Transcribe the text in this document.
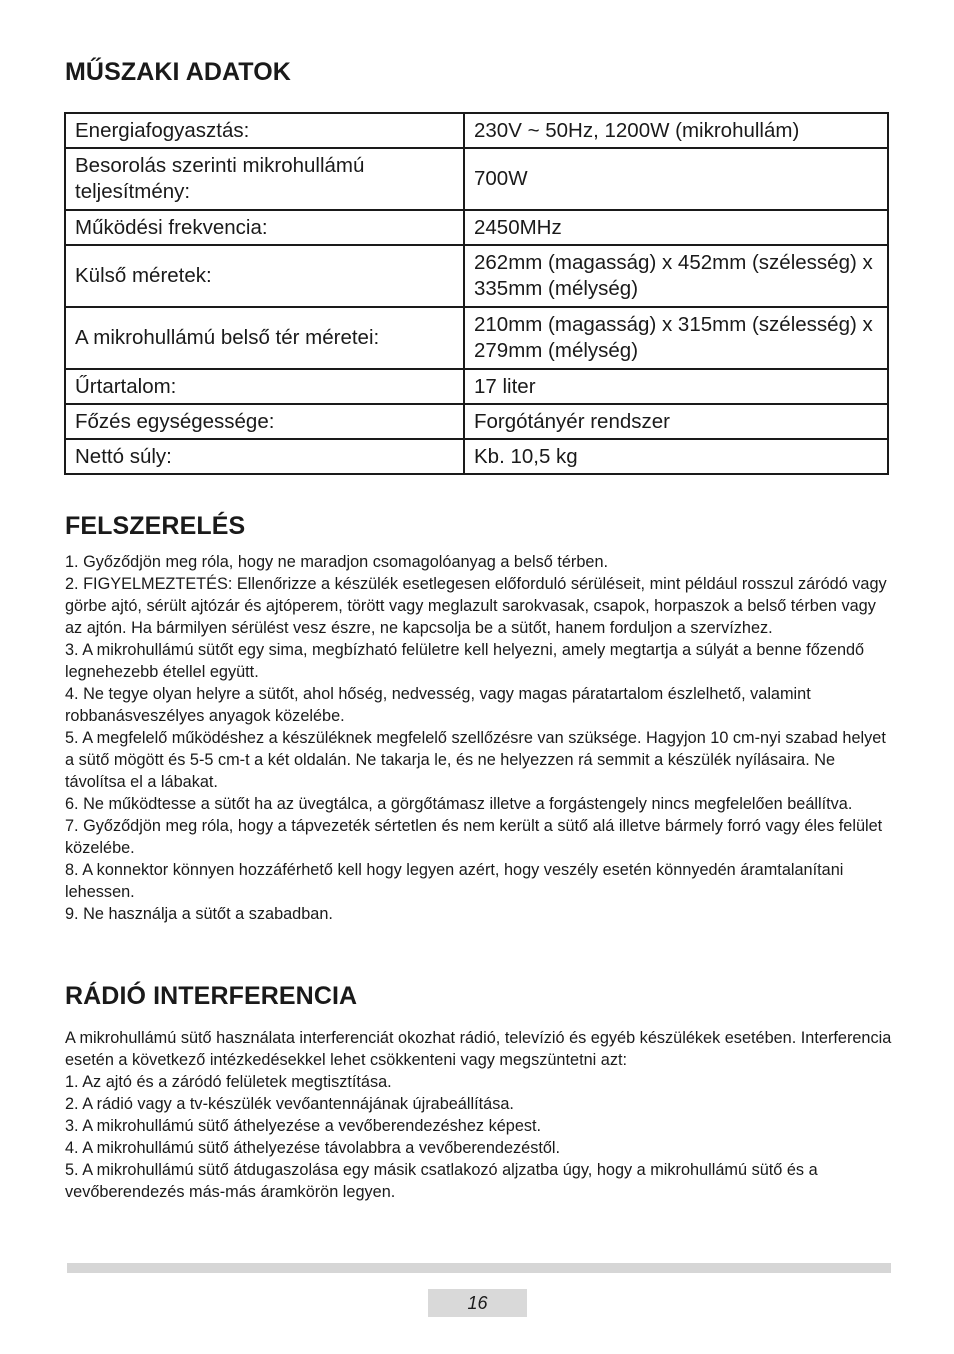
MŰSZAKI ADATOK
Energiafogyasztás:	230V ~ 50Hz, 1200W (mikrohullám)
Besorolás szerinti mikrohullámú teljesítmény:	700W
Működési frekvencia:	2450MHz
Külső méretek:	262mm (magasság) x 452mm (szélesség) x 335mm (mélység)
A mikrohullámú belső tér méretei:	210mm (magasság) x 315mm (szélesség) x 279mm (mélység)
Űrtartalom:	17 liter
Főzés egységessége:	Forgótányér rendszer
Nettó súly:	Kb. 10,5 kg
FELSZERELÉS

1. Győződjön meg róla, hogy ne maradjon csomagolóanyag a belső térben.

2. FIGYELMEZTETÉS: Ellenőrizze a készülék esetlegesen előforduló sérüléseit, mint például rosszul záródó vagy görbe ajtó, sérült ajtózár és ajtóperem, törött vagy meglazult sarokvasak, csapok, horpaszok a belső térben vagy az ajtón. Ha bármilyen sérülést vesz észre, ne kapcsolja be a sütőt, hanem forduljon a szervízhez.

3. A mikrohullámú sütőt egy sima, megbízható felületre kell helyezni, amely megtartja a súlyát a benne főzendő legnehezebb étellel együtt.

4. Ne tegye olyan helyre a sütőt, ahol hőség, nedvesség, vagy magas páratartalom észlelhető, valamint robbanásveszélyes anyagok közelébe.

5. A megfelelő működéshez a készüléknek megfelelő szellőzésre van szüksége. Hagyjon 10 cm-nyi szabad helyet a sütő mögött és 5-5 cm-t a két oldalán. Ne takarja le, és ne helyezzen rá semmit a készülék nyílásaira. Ne távolítsa el a lábakat.

6. Ne működtesse a sütőt ha az üvegtálca, a görgőtámasz illetve a forgástengely nincs megfelelően beállítva.

7. Győződjön meg róla, hogy a tápvezeték sértetlen és nem került a sütő alá illetve bármely forró vagy éles felület közelébe.

8. A konnektor könnyen hozzáférhető kell hogy legyen azért, hogy veszély esetén könnyedén áramtalanítani lehessen.

9. Ne használja a sütőt a szabadban.

RÁDIÓ INTERFERENCIA

A mikrohullámú sütő használata interferenciát okozhat rádió, televízió és egyéb készülékek esetében. Interferencia esetén a következő intézkedésekkel lehet csökkenteni vagy megszüntetni azt:

1. Az ajtó és a záródó felületek megtisztítása.

2. A rádió vagy a tv-készülék vevőantennájának újrabeállítása.

3. A mikrohullámú sütő áthelyezése a vevőberendezéshez képest.

4. A mikrohullámú sütő áthelyezése távolabbra a vevőberendezéstől.

5. A mikrohullámú sütő átdugaszolása egy másik csatlakozó aljzatba úgy, hogy a mikrohullámú sütő és a vevőberendezés más-más áramkörön legyen.

16
